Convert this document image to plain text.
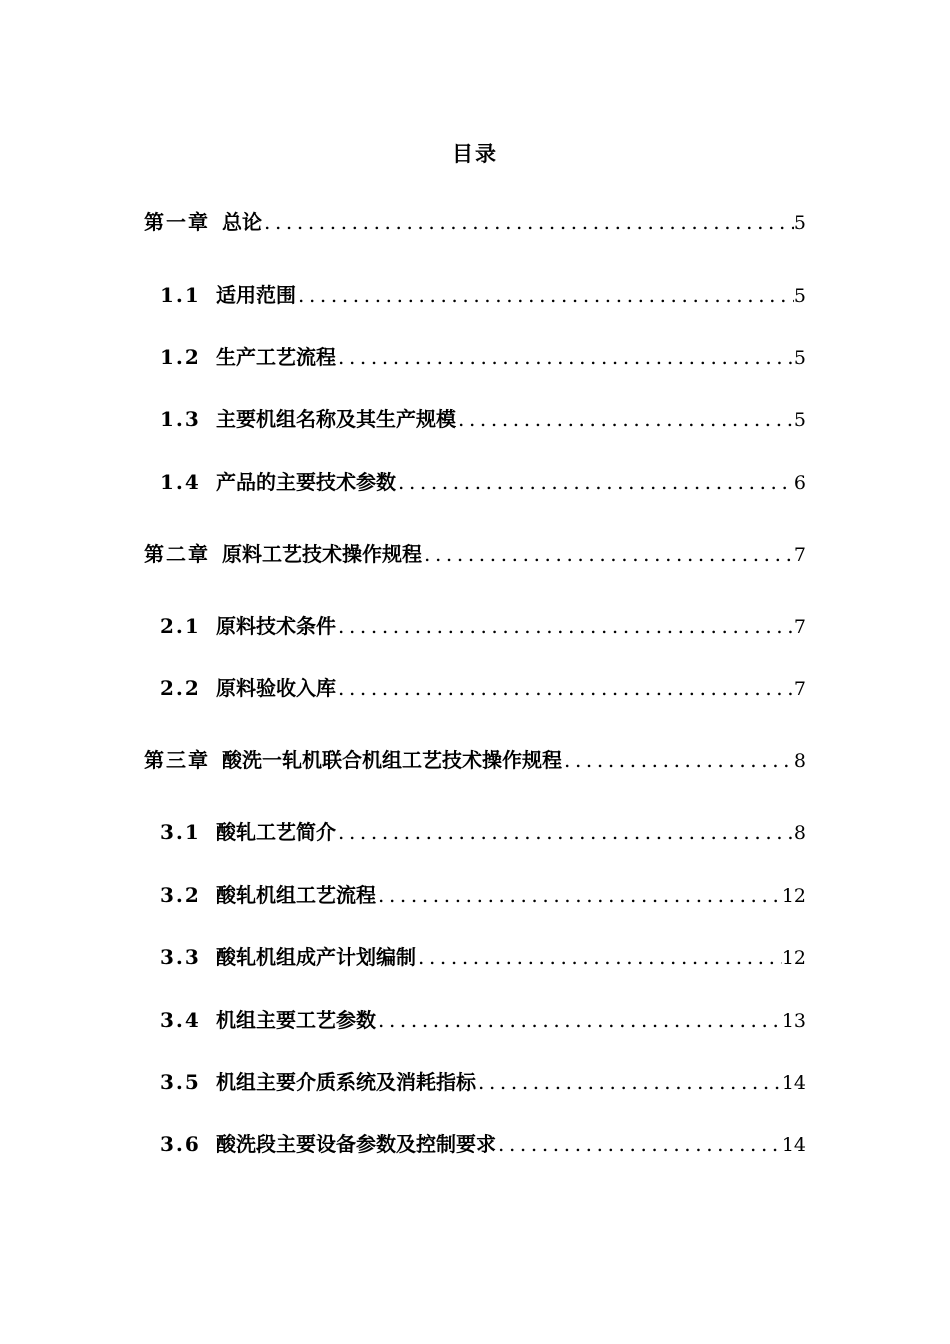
目录
第一章 总论 .....	5
1.1 适用范围 .....	5
1.2 生产工艺流程 .....	5
1.3 主要机组名称及其生产规模 .....	5
1.4 产品的主要技术参数 .....	6
第二章 原料工艺技术操作规程 .....	7
2.1 原料技术条件 .....	7
2.2 原料验收入库 .....	7
第三章 酸洗一轧机联合机组工艺技术操作规程 .....	8
3.1 酸轧工艺简介 .....	8
3.2 酸轧机组工艺流程 .....	12
3.3 酸轧机组成产计划编制 .....	12
3.4 机组主要工艺参数 .....	13
3.5 机组主要介质系统及消耗指标 .....	14
3.6 酸洗段主要设备参数及控制要求 .....	14
